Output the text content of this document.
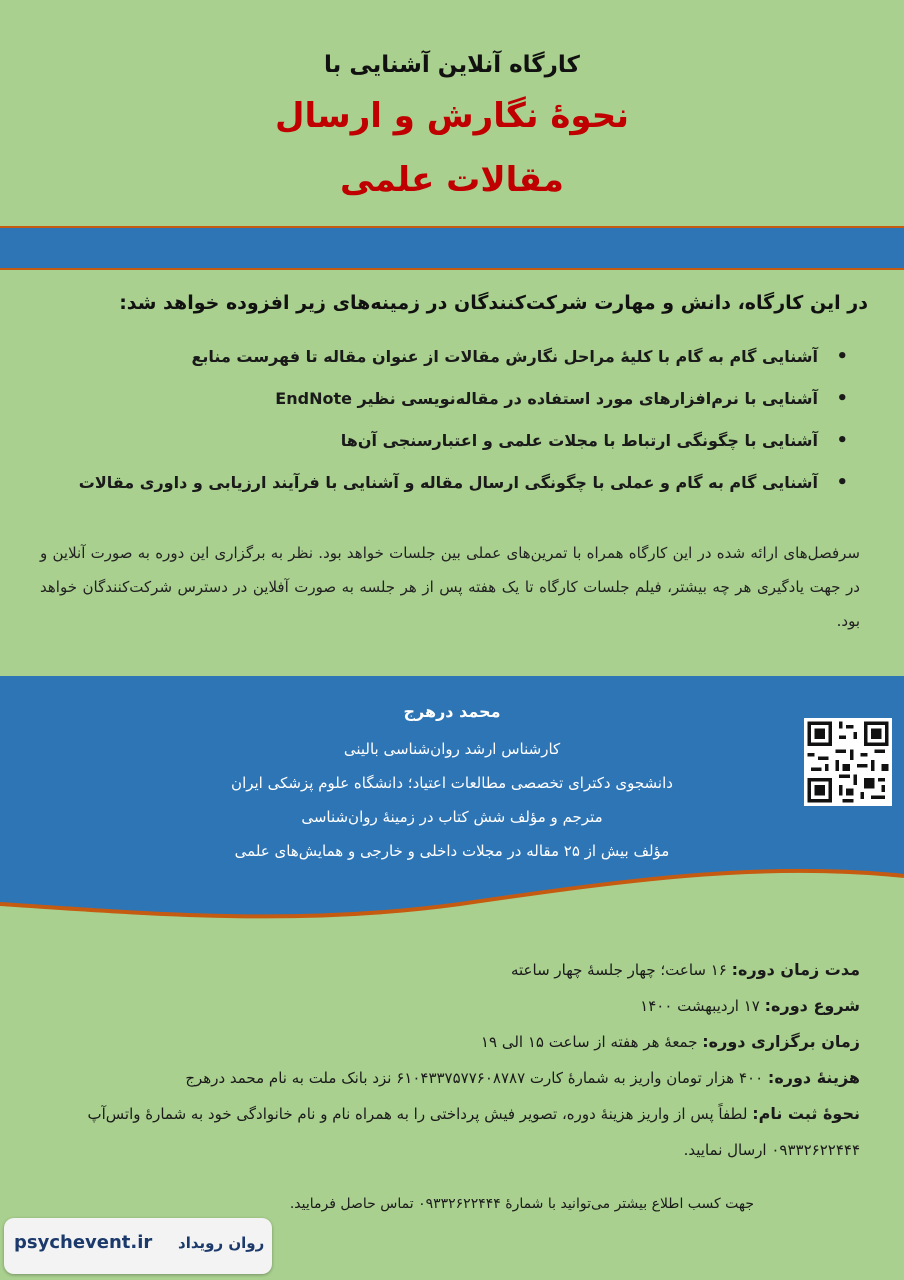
کارگاه آنلاین آشنایی با
نحوۀ نگارش و ارسال
مقالات علمی
در این کارگاه، دانش و مهارت شرکت‌کنندگان در زمینه‌های زیر افزوده خواهد شد:
• آشنایی گام به گام با کلیهٔ مراحل نگارش مقالات از عنوان مقاله تا فهرست منابع
• آشنایی با نرم‌افزارهای مورد استفاده در مقاله‌نویسی نظیر EndNote
• آشنایی با چگونگی ارتباط با مجلات علمی و اعتبارسنجی آن‌ها
• آشنایی گام به گام و عملی با چگونگی ارسال مقاله و آشنایی با فرآیند ارزیابی و داوری مقالات
سرفصل‌های ارائه شده در این کارگاه همراه با تمرین‌های عملی بین جلسات خواهد بود. نظر به برگزاری این دوره به صورت آنلاین و در جهت یادگیری هر چه بیشتر، فیلم جلسات کارگاه تا یک هفته پس از هر جلسه به صورت آفلاین در دسترس شرکت‌کنندگان خواهد بود.
محمد درهرج
کارشناس ارشد روان‌شناسی بالینی
دانشجوی دکترای تخصصی مطالعات اعتیاد؛ دانشگاه علوم پزشکی ایران
مترجم و مؤلف شش کتاب در زمینهٔ روان‌شناسی
مؤلف بیش از ۲۵ مقاله در مجلات داخلی و خارجی و همایش‌های علمی
مدت زمان دوره: ۱۶ ساعت؛ چهار جلسهٔ چهار ساعته
شروع دوره: ۱۷ اردیبهشت ۱۴۰۰
زمان برگزاری دوره: جمعهٔ هر هفته از ساعت ۱۵ الی ۱۹
هزینهٔ دوره: ۴۰۰ هزار تومان واریز به شمارهٔ کارت ۶۱۰۴۳۳۷۵۷۷۶۰۸۷۸۷ نزد بانک ملت به نام محمد درهرج
نحوهٔ ثبت نام: لطفاً پس از واریز هزینهٔ دوره، تصویر فیش پرداختی را به همراه نام و نام خانوادگی خود به شمارهٔ واتس‌آپ ۰۹۳۳۲۶۲۲۴۴۴ ارسال نمایید.
جهت کسب اطلاع بیشتر می‌توانید با شمارهٔ ۰۹۳۳۲۶۲۲۴۴۴ تماس حاصل فرمایید.
psychevent.ir روان رویداد
